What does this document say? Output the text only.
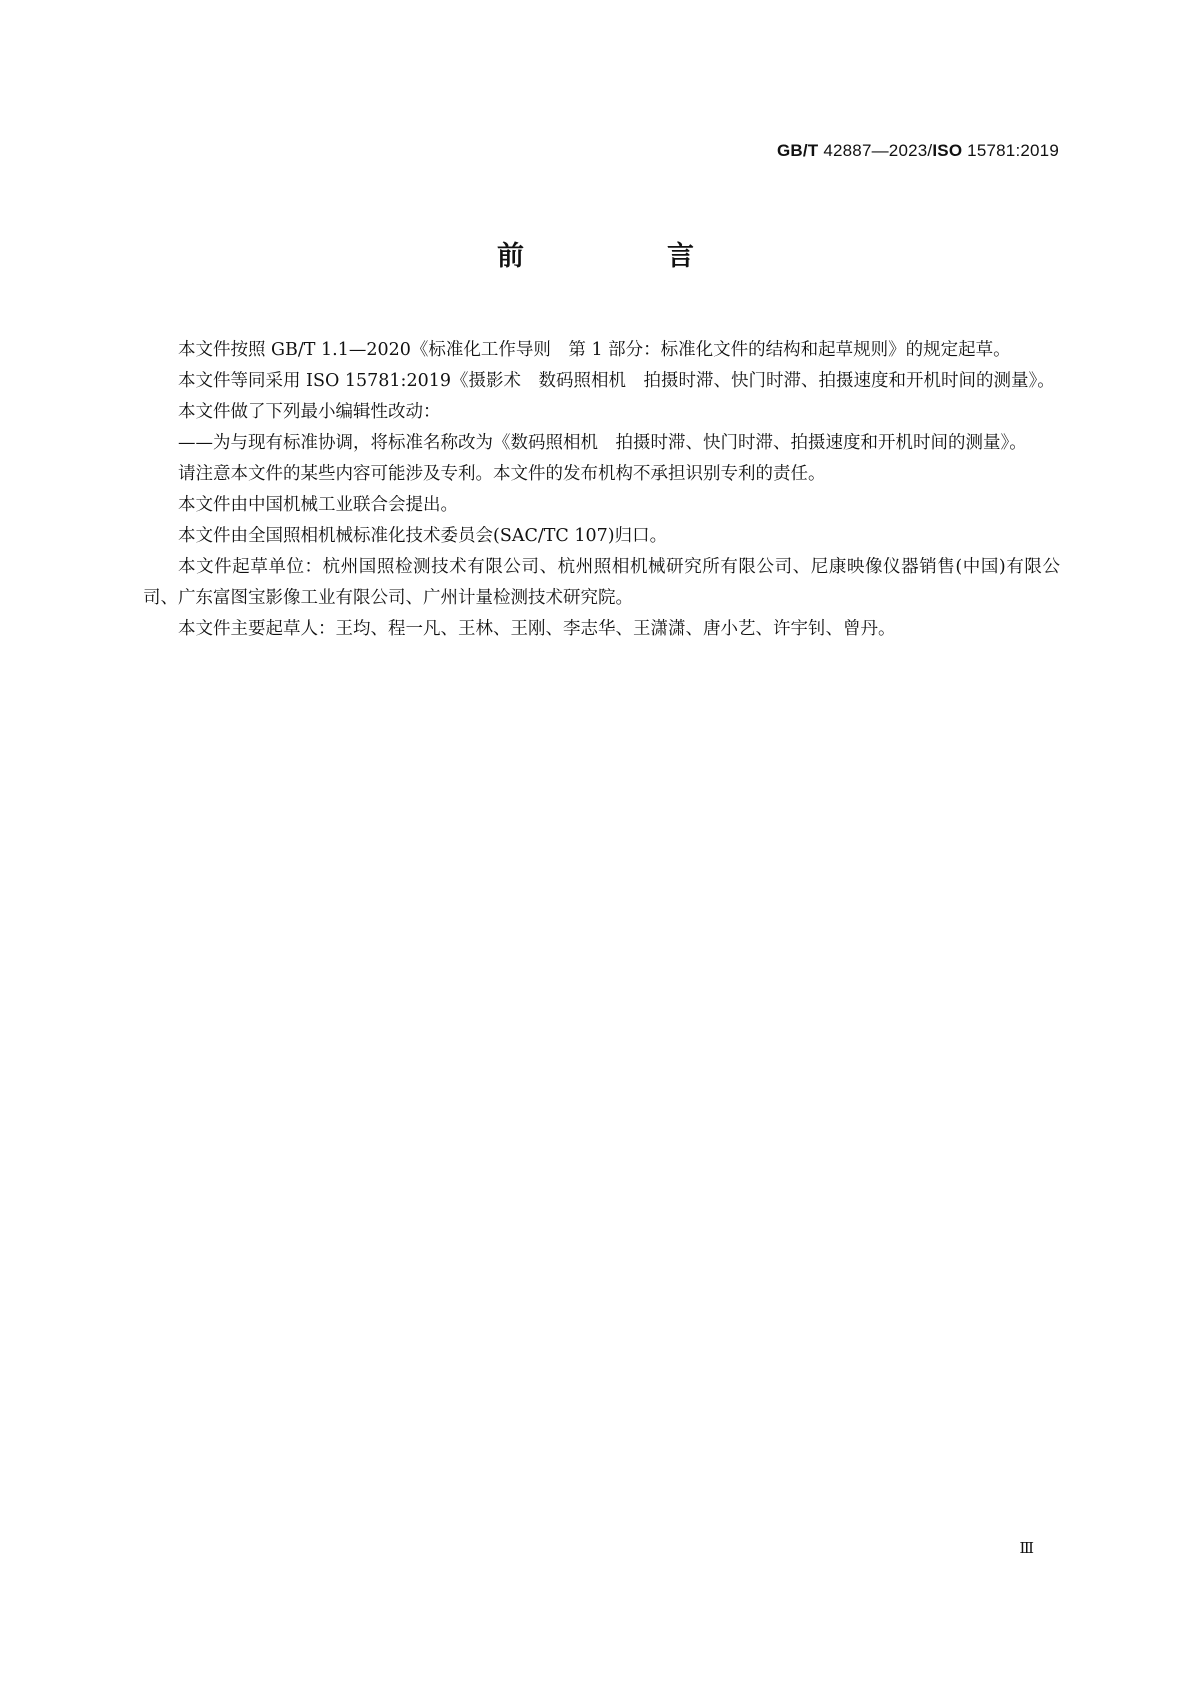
GB/T 42887—2023/ISO 15781:2019
前　言

本文件按照 GB/T 1.1—2020《标准化工作导则　第 1 部分：标准化文件的结构和起草规则》的规定起草。

本文件等同采用 ISO 15781:2019《摄影术　数码照相机　拍摄时滞、快门时滞、拍摄速度和开机时间的测量》。

本文件做了下列最小编辑性改动：

——为与现有标准协调，将标准名称改为《数码照相机　拍摄时滞、快门时滞、拍摄速度和开机时间的测量》。

请注意本文件的某些内容可能涉及专利。本文件的发布机构不承担识别专利的责任。

本文件由中国机械工业联合会提出。

本文件由全国照相机械标准化技术委员会(SAC/TC 107)归口。

本文件起草单位：杭州国照检测技术有限公司、杭州照相机械研究所有限公司、尼康映像仪器销售(中国)有限公司、广东富图宝影像工业有限公司、广州计量检测技术研究院。

本文件主要起草人：王均、程一凡、王林、王刚、李志华、王潇潇、唐小艺、许宇钊、曾丹。

Ⅲ
